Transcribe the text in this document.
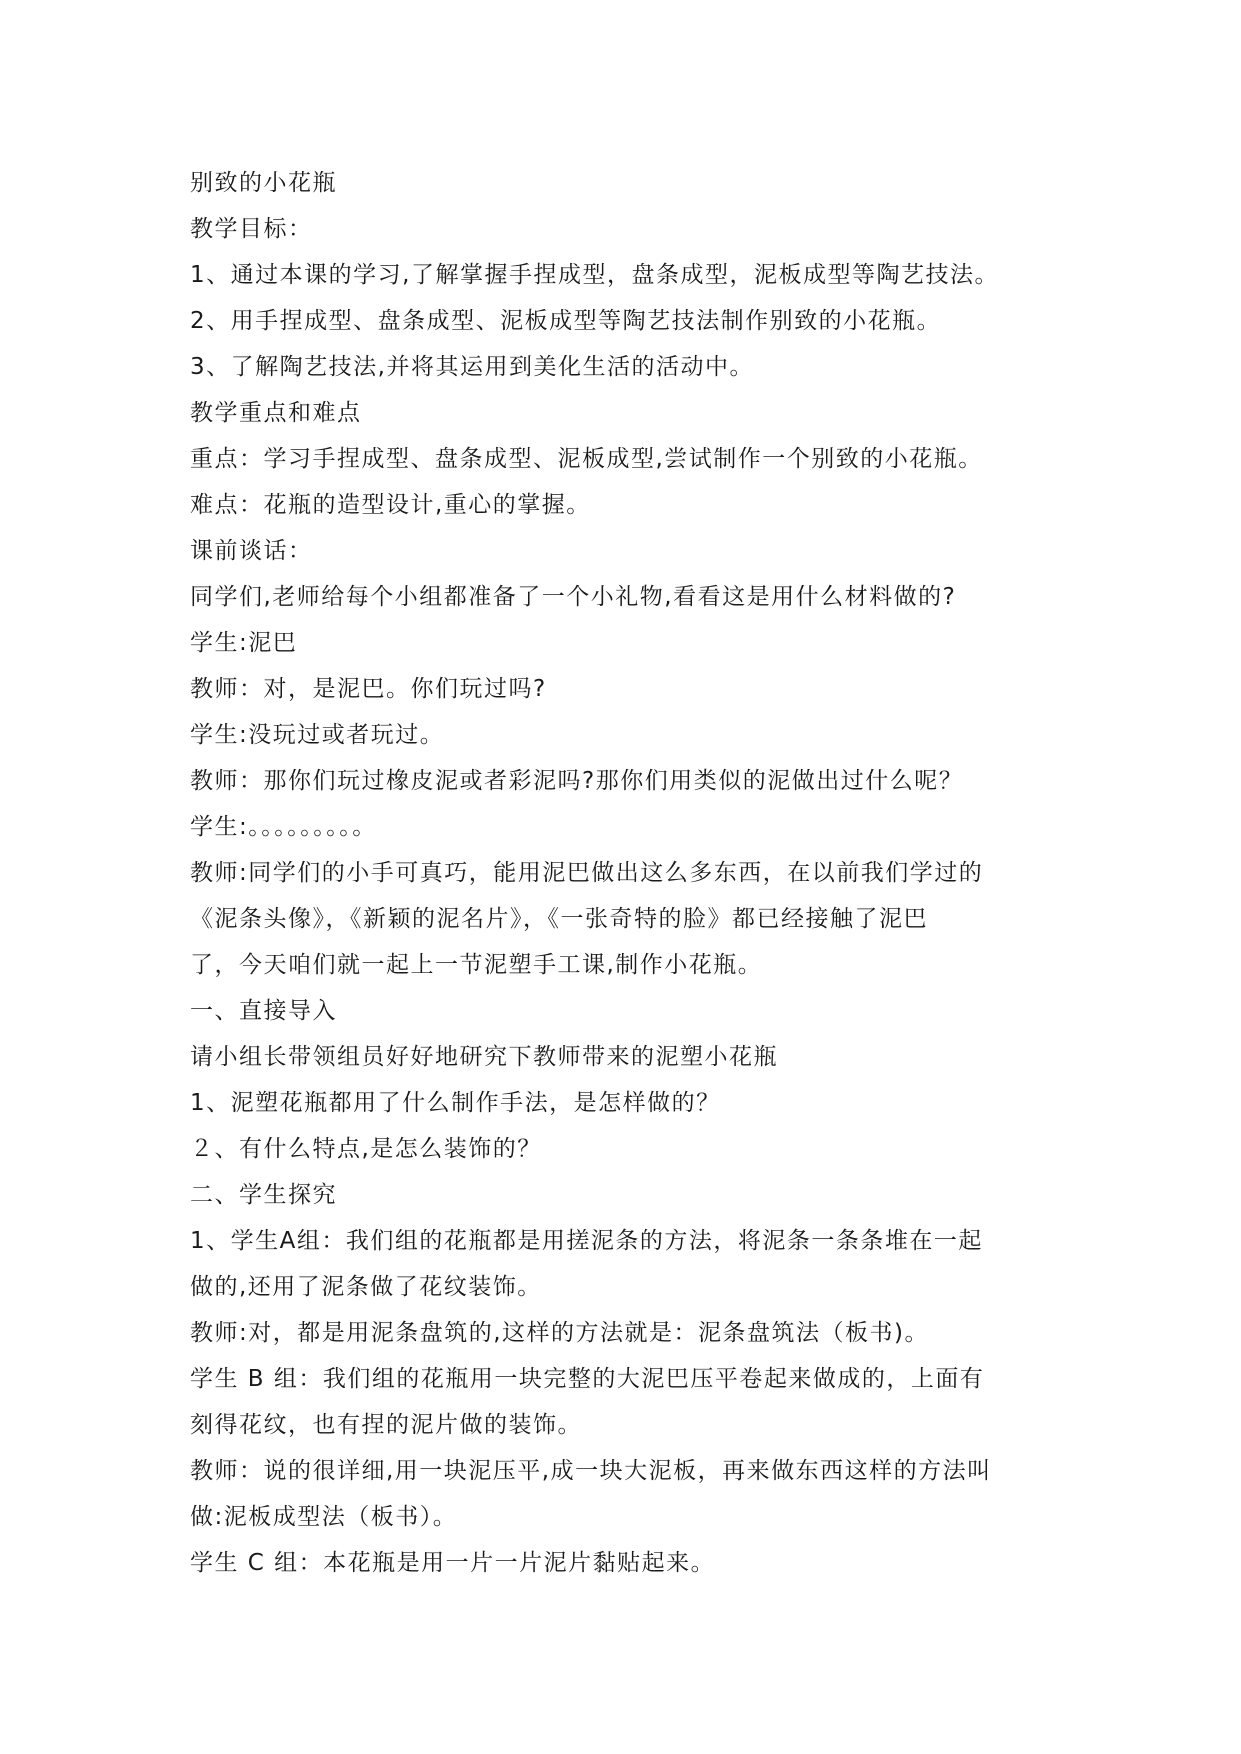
别致的小花瓶
教学目标：
1、通过本课的学习,了解掌握手捏成型，盘条成型，泥板成型等陶艺技法。
2、用手捏成型、盘条成型、泥板成型等陶艺技法制作别致的小花瓶。
3、了解陶艺技法,并将其运用到美化生活的活动中。
教学重点和难点
重点：学习手捏成型、盘条成型、泥板成型,尝试制作一个别致的小花瓶。
难点：花瓶的造型设计,重心的掌握。
课前谈话：
同学们,老师给每个小组都准备了一个小礼物,看看这是用什么材料做的?
学生:泥巴
教师：对，是泥巴。你们玩过吗?
学生:没玩过或者玩过。
教师：那你们玩过橡皮泥或者彩泥吗?那你们用类似的泥做出过什么呢？
学生:。。。。。。。。。
教师:同学们的小手可真巧，能用泥巴做出这么多东西，在以前我们学过的
《泥条头像》，《新颖的泥名片》，《一张奇特的脸》都已经接触了泥巴
了，今天咱们就一起上一节泥塑手工课,制作小花瓶。
一、直接导入
请小组长带领组员好好地研究下教师带来的泥塑小花瓶
1、泥塑花瓶都用了什么制作手法，是怎样做的？
２、有什么特点,是怎么装饰的？
二、学生探究
1、学生A组：我们组的花瓶都是用搓泥条的方法，将泥条一条条堆在一起
做的,还用了泥条做了花纹装饰。
教师:对，都是用泥条盘筑的,这样的方法就是：泥条盘筑法（板书)。
学生 B 组：我们组的花瓶用一块完整的大泥巴压平卷起来做成的，上面有
刻得花纹，也有捏的泥片做的装饰。
教师：说的很详细,用一块泥压平,成一块大泥板，再来做东西这样的方法叫
做:泥板成型法（板书）。
学生 C 组：本花瓶是用一片一片泥片黏贴起来。
